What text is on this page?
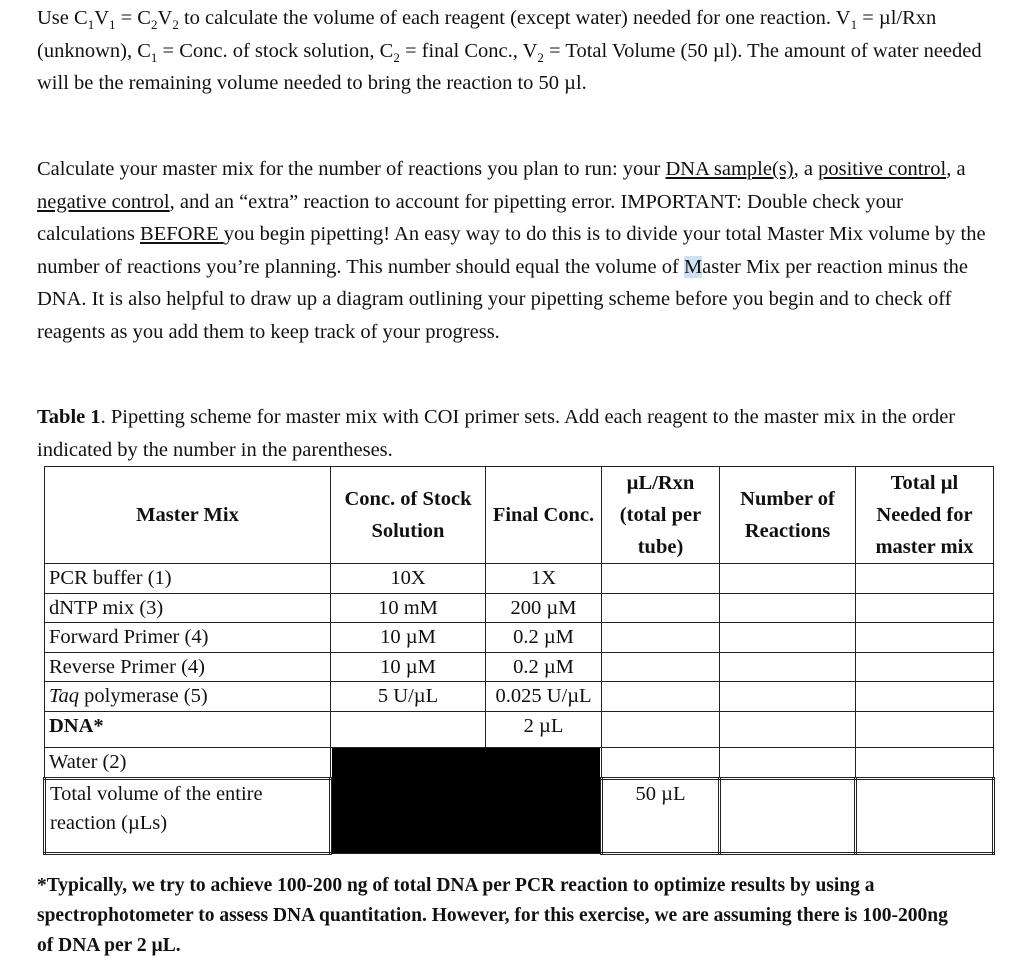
Use $C_1V_1 = C_2V_2$ to calculate the volume of each reagent (except water) needed for one reaction. $V_1 = \mu l/Rxn$ (unknown), $C_1$ = Conc. of stock solution, $C_2$ = final Conc., $V_2$ = Total Volume (50 µl). The amount of water needed will be the remaining volume needed to bring the reaction to 50 µl.

Calculate your master mix for the number of reactions you plan to run: your DNA sample(s), a positive control, a negative control, and an “extra” reaction to account for pipetting error. IMPORTANT: Double check your calculations BEFORE you begin pipetting! An easy way to do this is to divide your total Master Mix volume by the number of reactions you’re planning. This number should equal the volume of Master Mix per reaction minus the DNA. It is also helpful to draw up a diagram outlining your pipetting scheme before you begin and to check off reagents as you add them to keep track of your progress.

Table 1. Pipetting scheme for master mix with COI primer sets. Add each reagent to the master mix in the order indicated by the number in the parentheses.

Master Mix	Conc. of Stock Solution	Final Conc.	µL/Rxn (total per tube)	Number of Reactions	Total µl Needed for master mix
PCR buffer (1)	10X	1X			
dNTP mix (3)	10 mM	200 µM			
Forward Primer (4)	10 µM	0.2 µM			
Reverse Primer (4)	10 µM	0.2 µM			
Taq polymerase (5)	5 U/µL	0.025 U/µL			
DNA*		2 µL			
Water (2)					
Total volume of the entire reaction (µLs)			50 µL		

*Typically, we try to achieve 100-200 ng of total DNA per PCR reaction to optimize results by using a spectrophotometer to assess DNA quantitation. However, for this exercise, we are assuming there is 100-200ng of DNA per 2 µL.
